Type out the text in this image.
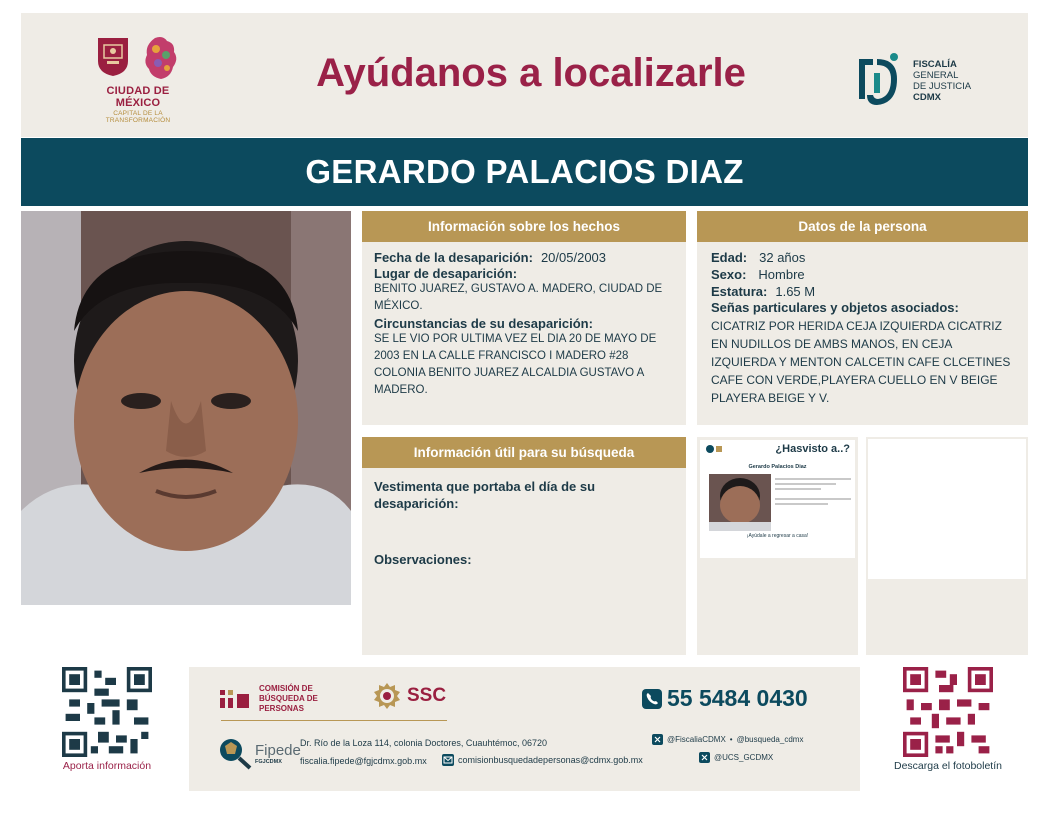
CIUDAD DE MÉXICO
CAPITAL DE LA TRANSFORMACIÓN
Ayúdanos a localizarle	FISCALÍA
GENERAL
DE JUSTICIA
CDMX
GERARDO PALACIOS DIAZ
Información sobre los hechos
Fecha de la desaparición: 20/05/2003
Lugar de desaparición:
BENITO JUAREZ, GUSTAVO A. MADERO, CIUDAD DE MÉXICO.
Circunstancias de su desaparición:
SE LE VIO POR ULTIMA VEZ EL DIA 20 DE MAYO DE 2003 EN LA CALLE FRANCISCO I MADERO #28 COLONIA BENITO JUAREZ ALCALDIA GUSTAVO A MADERO.
Datos de la persona
Edad: 32 años
Sexo: Hombre
Estatura: 1.65 M
Señas particulares y objetos asociados:
CICATRIZ POR HERIDA CEJA IZQUIERDA CICATRIZ EN NUDILLOS DE AMBS MANOS, EN CEJA IZQUIERDA Y MENTON CALCETIN CAFE CLCETINES CAFE CON VERDE,PLAYERA CUELLO EN V BEIGE PLAYERA BEIGE Y V.
Información útil para su búsqueda
Vestimenta que portaba el día de su desaparición:
Observaciones:
¿Hasvisto a..?
Gerardo Palacios Diaz
¡Ayúdale a regresar a casa!
Aporta información	Descarga el fotoboletín
COMISIÓN DE BÚSQUEDA DE PERSONAS
SSC	55 5484 0430
Fipede
FGJCDMX
Dr. Río de la Loza 114, colonia Doctores, Cuauhtémoc, 06720
fiscalia.fipede@fgjcdmx.gob.mx	comisionbusquedadepersonas@cdmx.gob.mx
@FiscaliaCDMX • @busqueda_cdmx
@UCS_GCDMX
